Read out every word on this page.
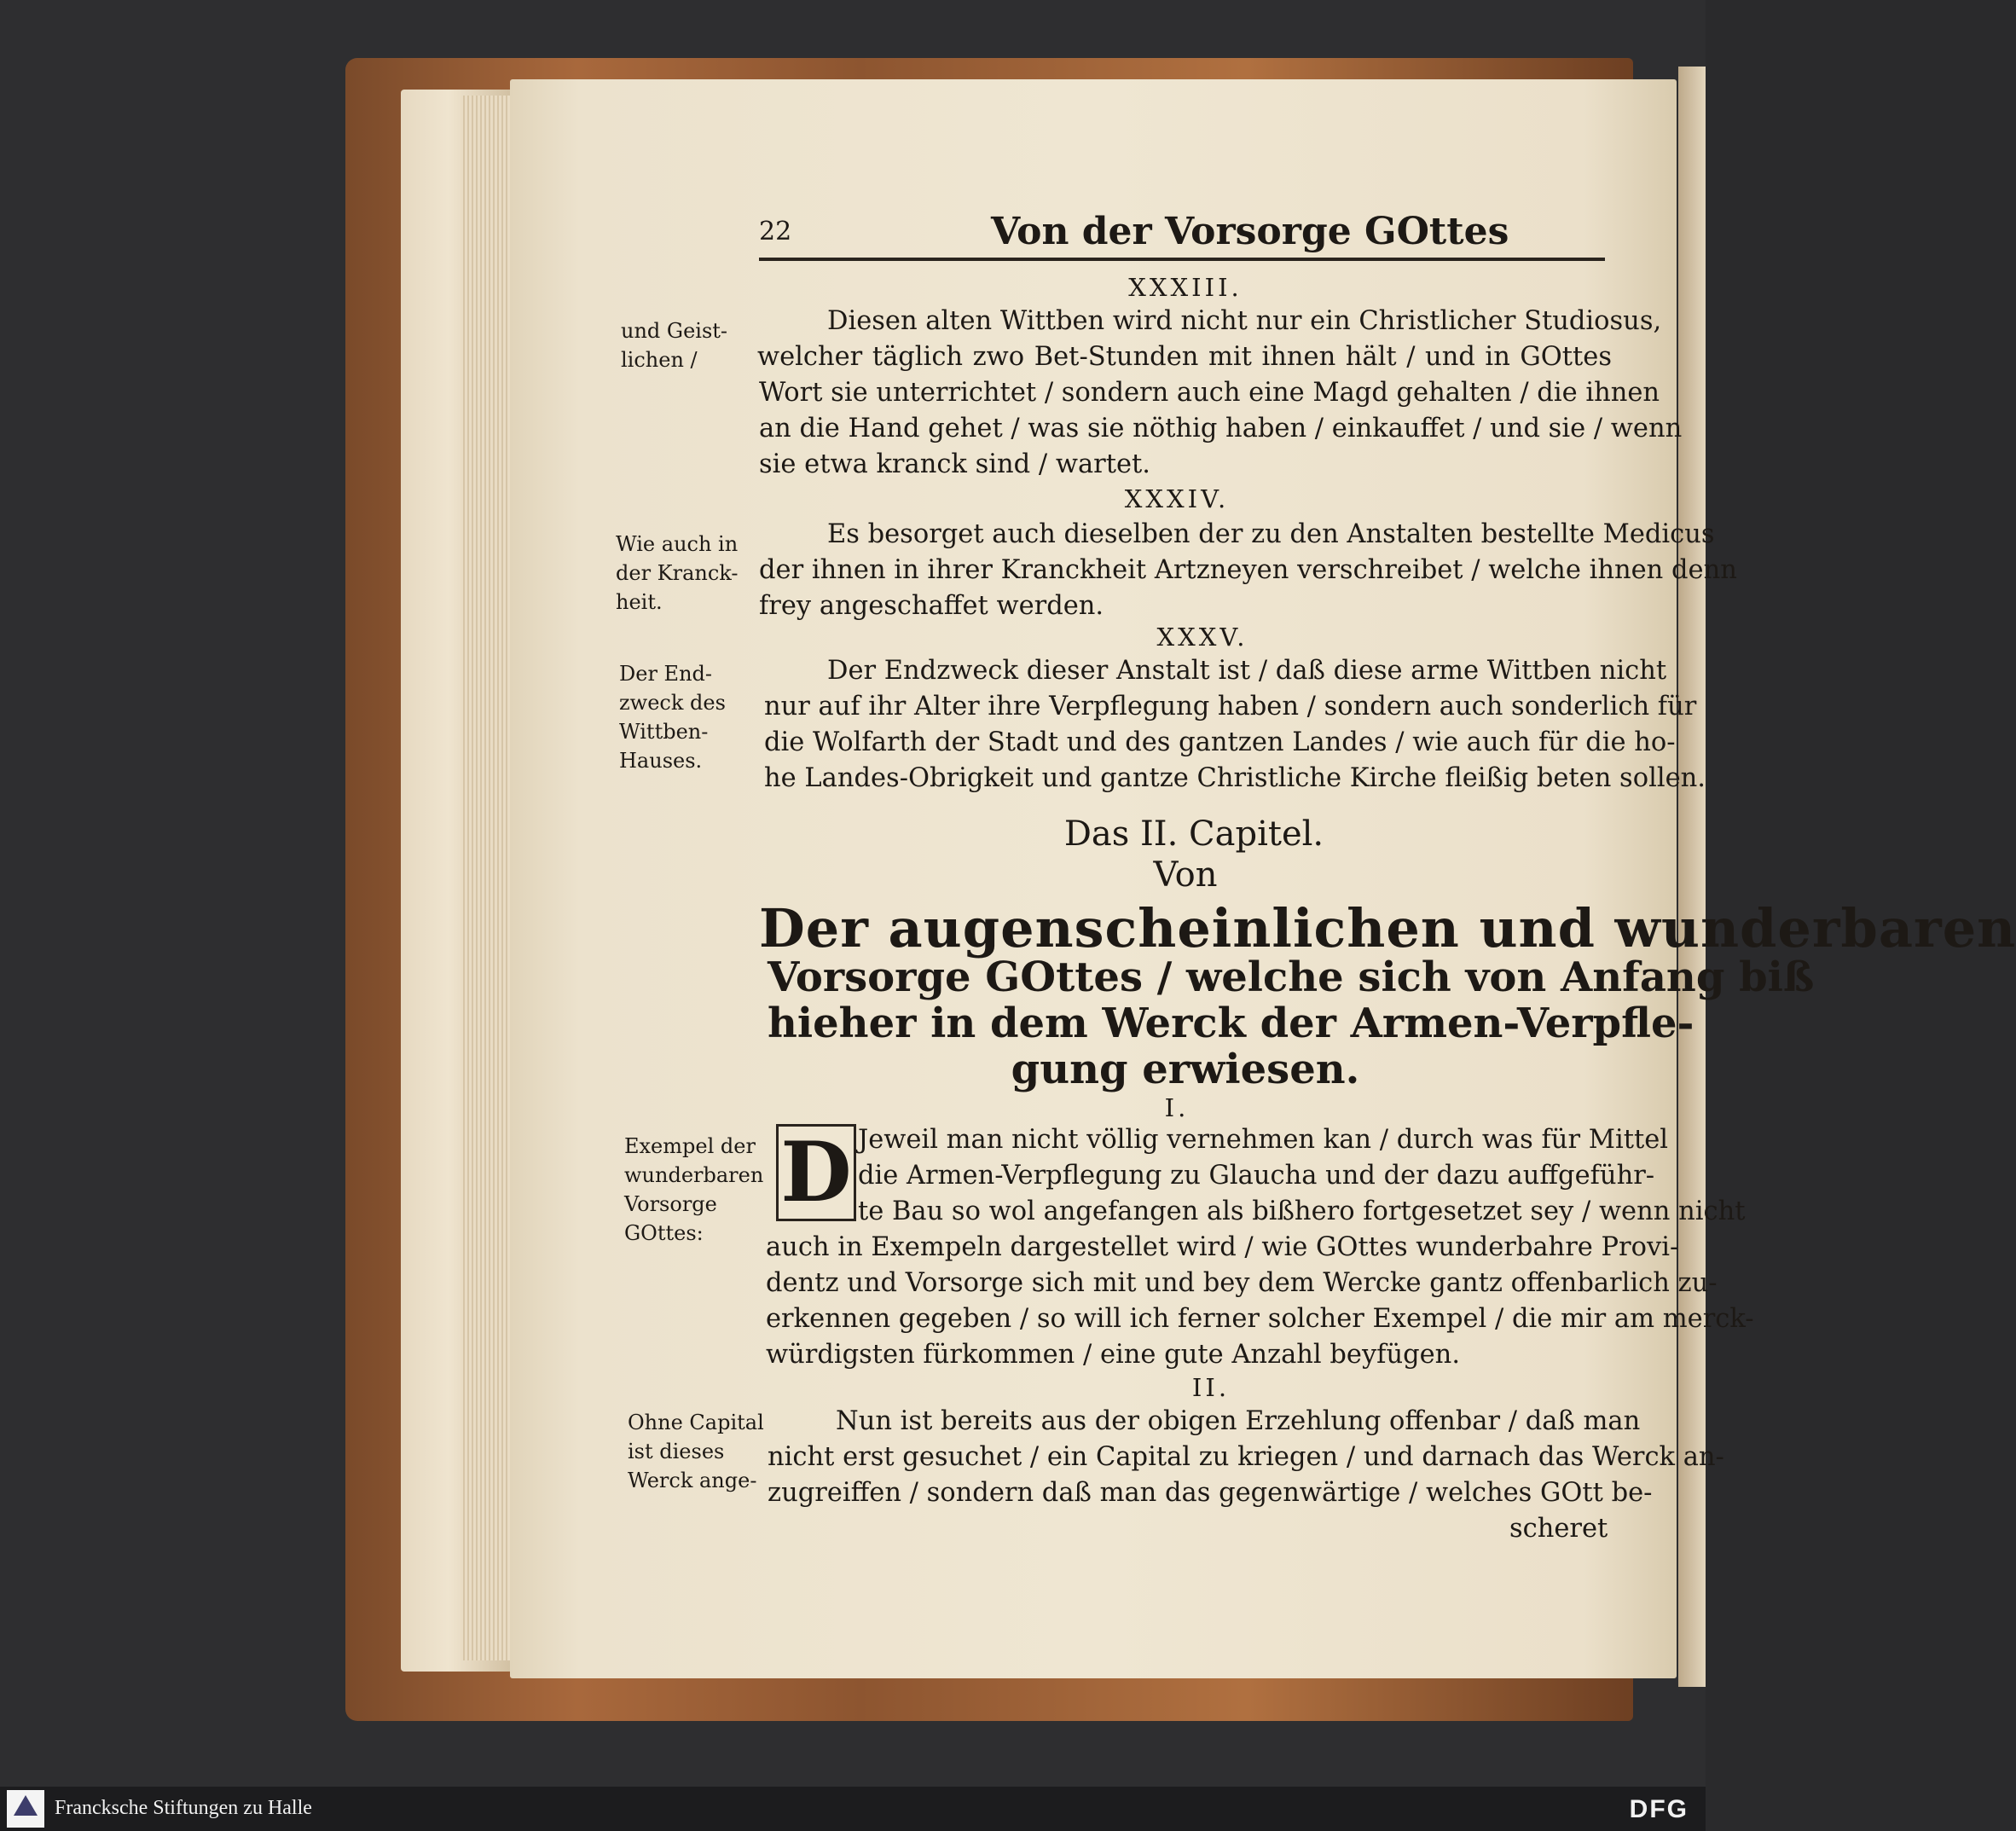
22	Von der Vorsorge GOttes
XXXIII.
Diesen alten Wittben wird nicht nur ein Christlicher Studiosus,
welcher täglich zwo Bet-Stunden mit ihnen hält / und in GOttes
Wort sie unterrichtet / sondern auch eine Magd gehalten / die ihnen
an die Hand gehet / was sie nöthig haben / einkauffet / und sie / wenn
sie etwa kranck sind / wartet.
XXXIV.
Es besorget auch dieselben der zu den Anstalten bestellte Medicus
der ihnen in ihrer Kranckheit Artzneyen verschreibet / welche ihnen denn
frey angeschaffet werden.
XXXV.
Der Endzweck dieser Anstalt ist / daß diese arme Wittben nicht
nur auf ihr Alter ihre Verpflegung haben / sondern auch sonderlich für
die Wolfarth der Stadt und des gantzen Landes / wie auch für die ho-
he Landes-Obrigkeit und gantze Christliche Kirche fleißig beten sollen.
Das II. Capitel.
Von
Der augenscheinlichen und wunderbaren
Vorsorge GOttes / welche sich von Anfang biß
hieher in dem Werck der Armen-Verpfle-
gung erwiesen.
I.
D Jeweil man nicht völlig vernehmen kan / durch was für Mittel
die Armen-Verpflegung zu Glaucha und der dazu auffgeführ-
te Bau so wol angefangen als bißhero fortgesetzet sey / wenn nicht
auch in Exempeln dargestellet wird / wie GOttes wunderbahre Provi-
dentz und Vorsorge sich mit und bey dem Wercke gantz offenbarlich zu-
erkennen gegeben / so will ich ferner solcher Exempel / die mir am merck-
würdigsten fürkommen / eine gute Anzahl beyfügen.
II.
Nun ist bereits aus der obigen Erzehlung offenbar / daß man
nicht erst gesuchet / ein Capital zu kriegen / und darnach das Werck an-
zugreiffen / sondern daß man das gegenwärtige / welches GOtt be-
scheret
und Geist-
lichen /
Wie auch in
der Kranck-
heit.
Der End-
zweck des
Wittben-
Hauses.
Exempel der
wunderbaren
Vorsorge
GOttes:
Ohne Capital
ist dieses
Werck ange-
Francksche Stiftungen zu Halle	DFG
